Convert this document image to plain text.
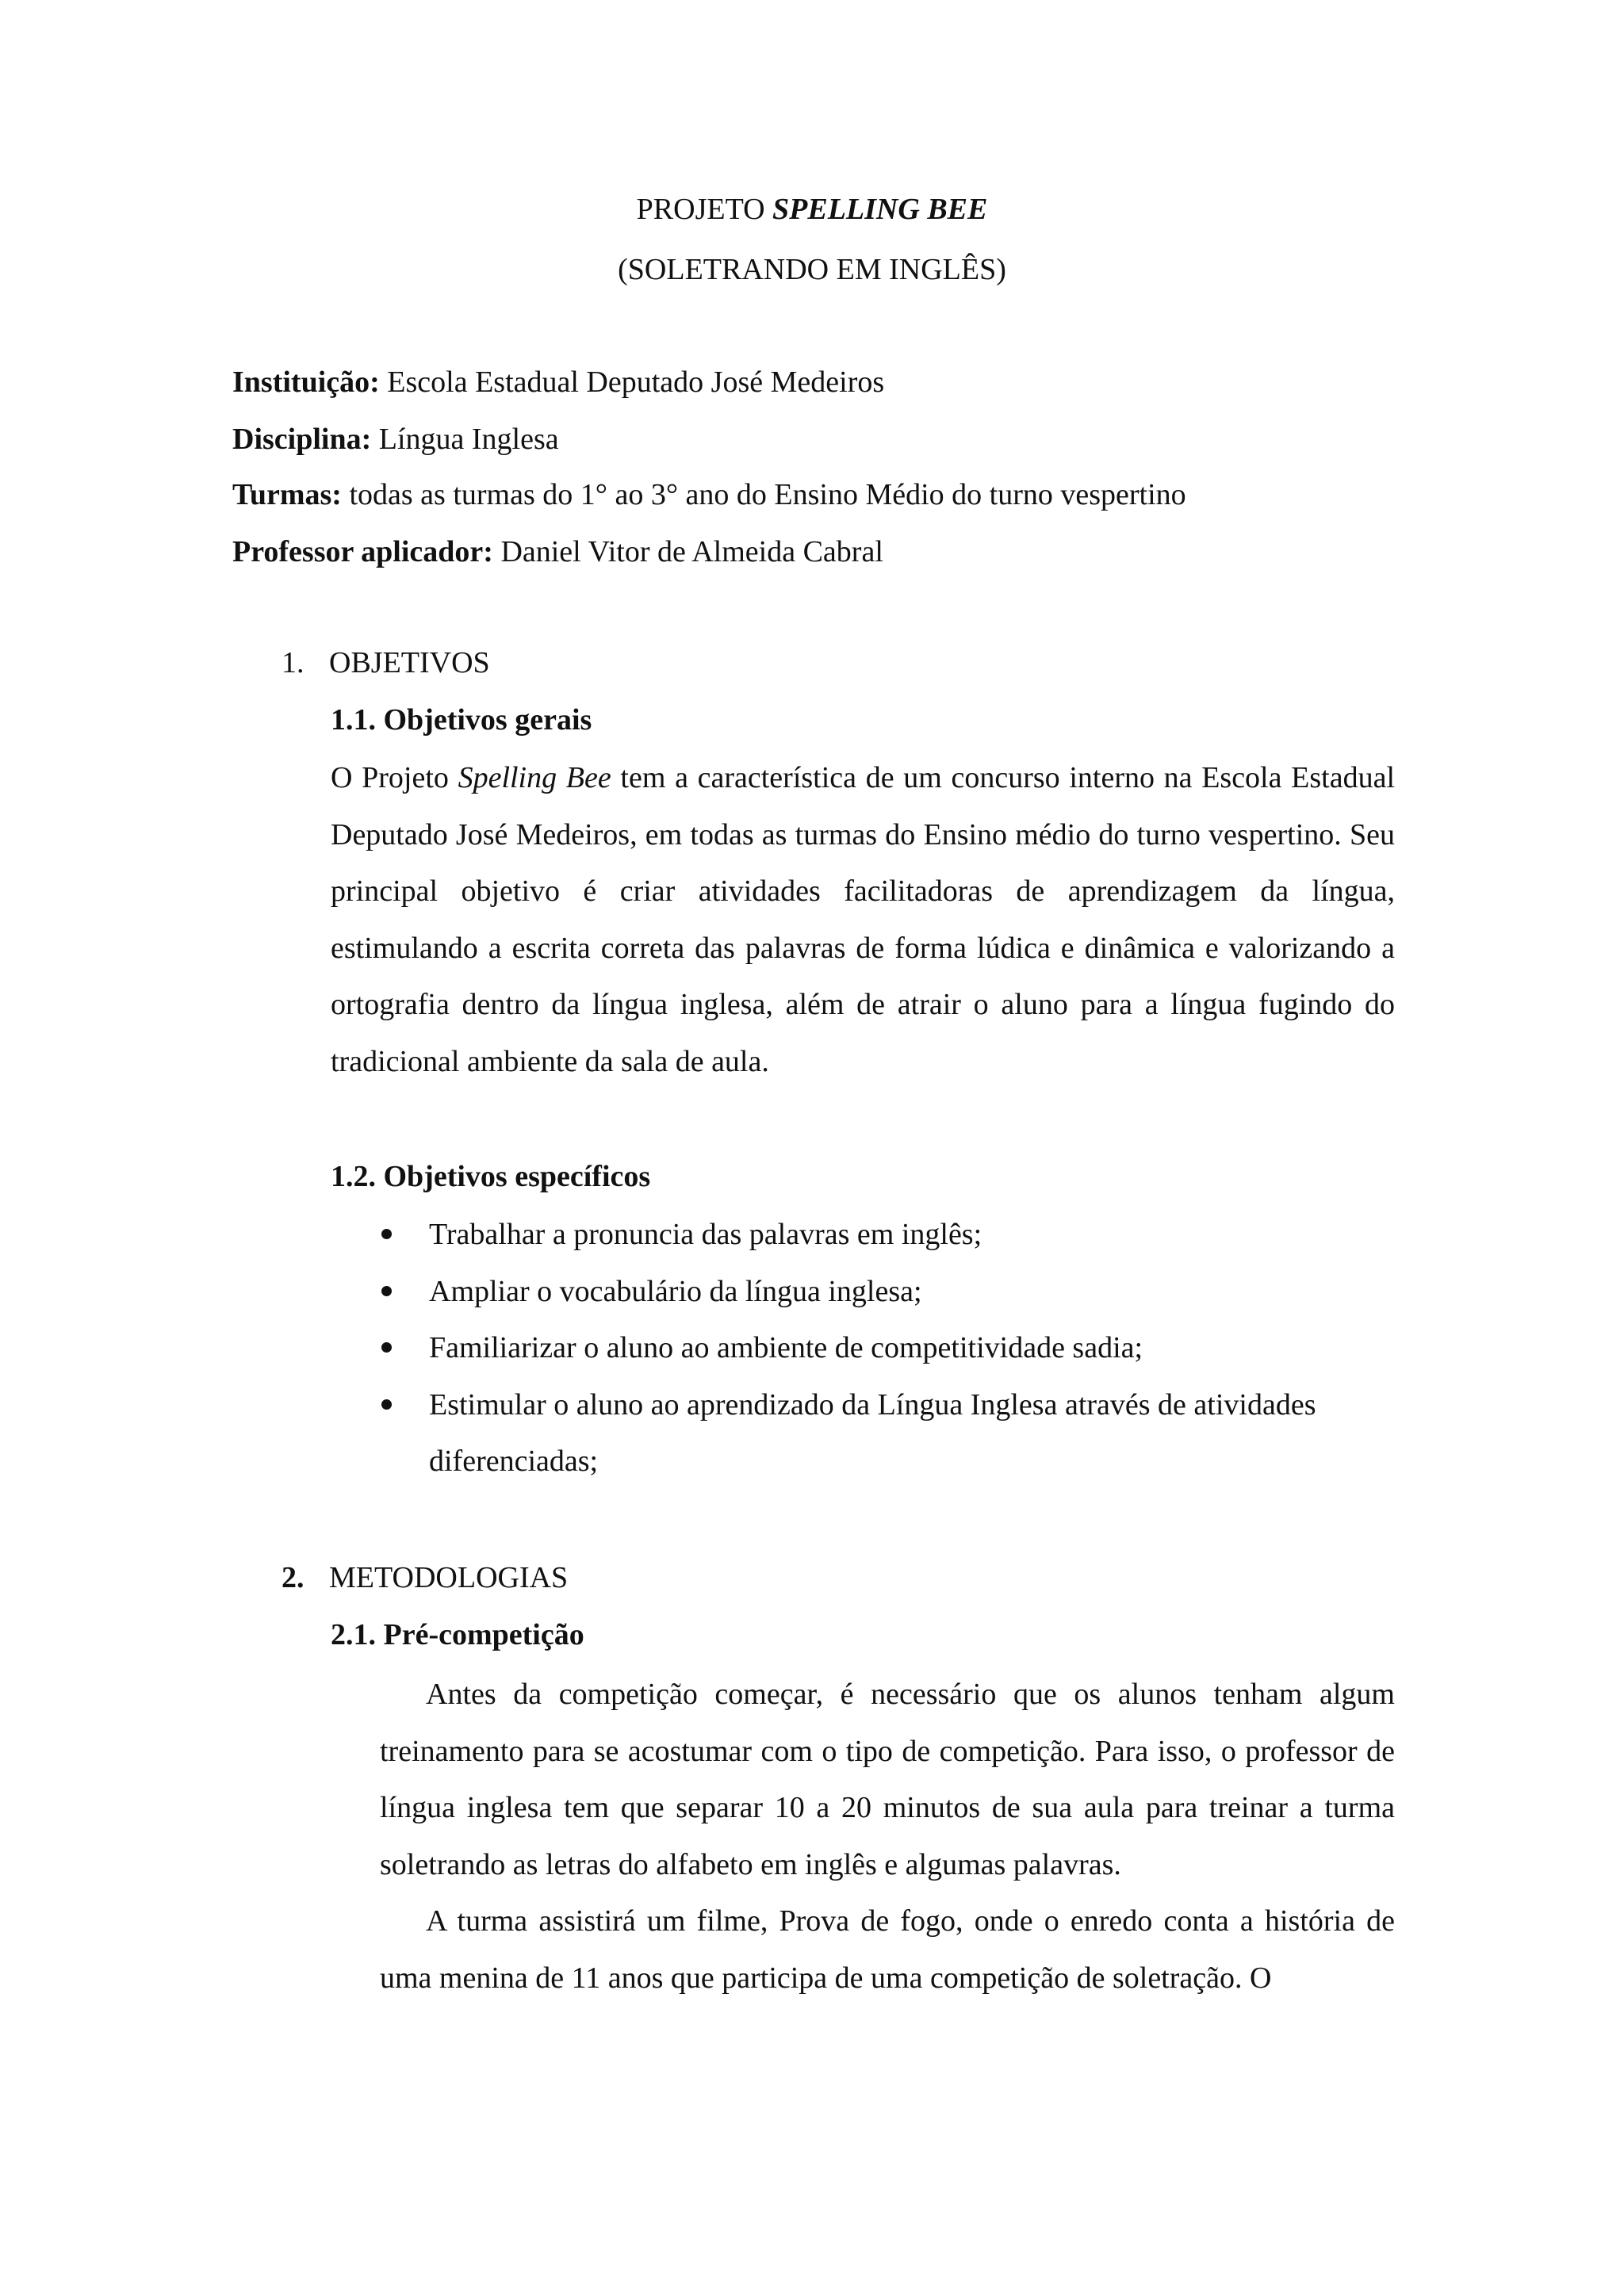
PROJETO SPELLING BEE
(SOLETRANDO EM INGLÊS)
Instituição: Escola Estadual Deputado José Medeiros
Disciplina: Língua Inglesa
Turmas: todas as turmas do 1° ao 3° ano do Ensino Médio do turno vespertino
Professor aplicador: Daniel Vitor de Almeida Cabral
1. OBJETIVOS
1.1. Objetivos gerais
O Projeto Spelling Bee tem a característica de um concurso interno na Escola Estadual Deputado José Medeiros, em todas as turmas do Ensino médio do turno vespertino. Seu principal objetivo é criar atividades facilitadoras de aprendizagem da língua, estimulando a escrita correta das palavras de forma lúdica e dinâmica e valorizando a ortografia dentro da língua inglesa, além de atrair o aluno para a língua fugindo do tradicional ambiente da sala de aula.
1.2. Objetivos específicos
Trabalhar a pronuncia das palavras em inglês;
Ampliar o vocabulário da língua inglesa;
Familiarizar o aluno ao ambiente de competitividade sadia;
Estimular o aluno ao aprendizado da Língua Inglesa através de atividades diferenciadas;
2. METODOLOGIAS
2.1. Pré-competição
Antes da competição começar, é necessário que os alunos tenham algum treinamento para se acostumar com o tipo de competição. Para isso, o professor de língua inglesa tem que separar 10 a 20 minutos de sua aula para treinar a turma soletrando as letras do alfabeto em inglês e algumas palavras.
A turma assistirá um filme, Prova de fogo, onde o enredo conta a história de uma menina de 11 anos que participa de uma competição de soletração. O
